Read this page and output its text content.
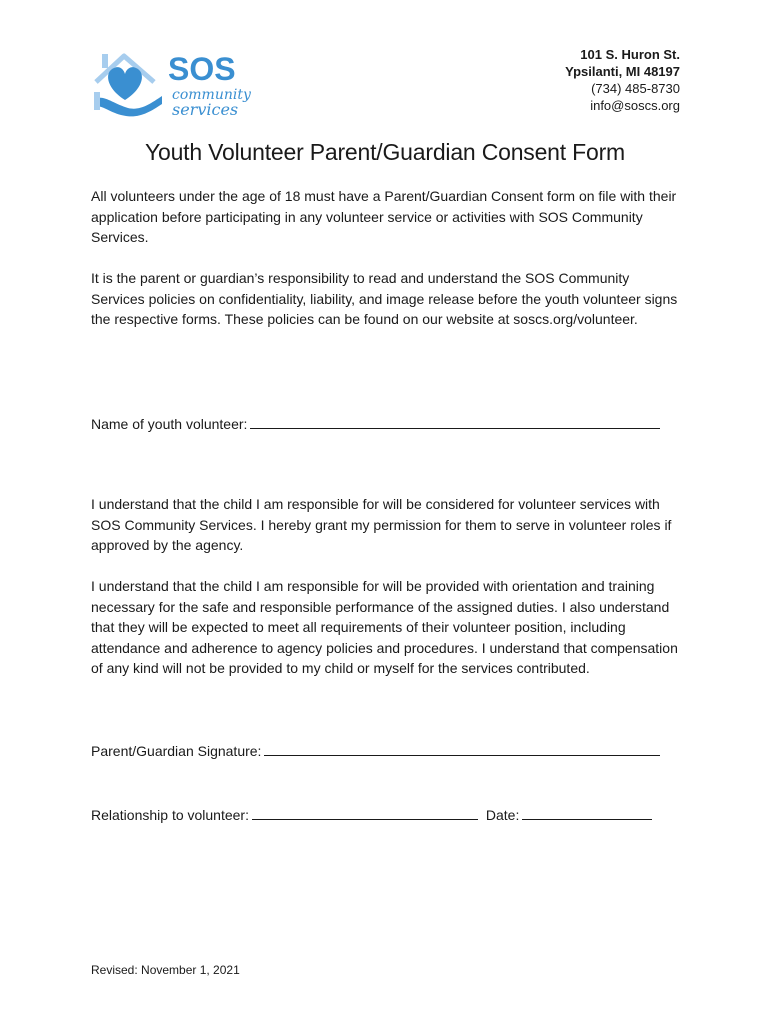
SOS
community
services
101 S. Huron St.
Ypsilanti, MI 48197
(734) 485-8730
info@soscs.org
Youth Volunteer Parent/Guardian Consent Form

All volunteers under the age of 18 must have a Parent/Guardian Consent form on file with their application before participating in any volunteer service or activities with SOS Community Services.

It is the parent or guardian’s responsibility to read and understand the SOS Community Services policies on confidentiality, liability, and image release before the youth volunteer signs the respective forms. These policies can be found on our website at soscs.org/volunteer.

Name of youth volunteer:

I understand that the child I am responsible for will be considered for volunteer services with SOS Community Services. I hereby grant my permission for them to serve in volunteer roles if approved by the agency.

I understand that the child I am responsible for will be provided with orientation and training necessary for the safe and responsible performance of the assigned duties. I also understand that they will be expected to meet all requirements of their volunteer position, including attendance and adherence to agency policies and procedures. I understand that compensation of any kind will not be provided to my child or myself for the services contributed.

Parent/Guardian Signature:
Relationship to volunteer:	Date:
Revised: November 1, 2021
